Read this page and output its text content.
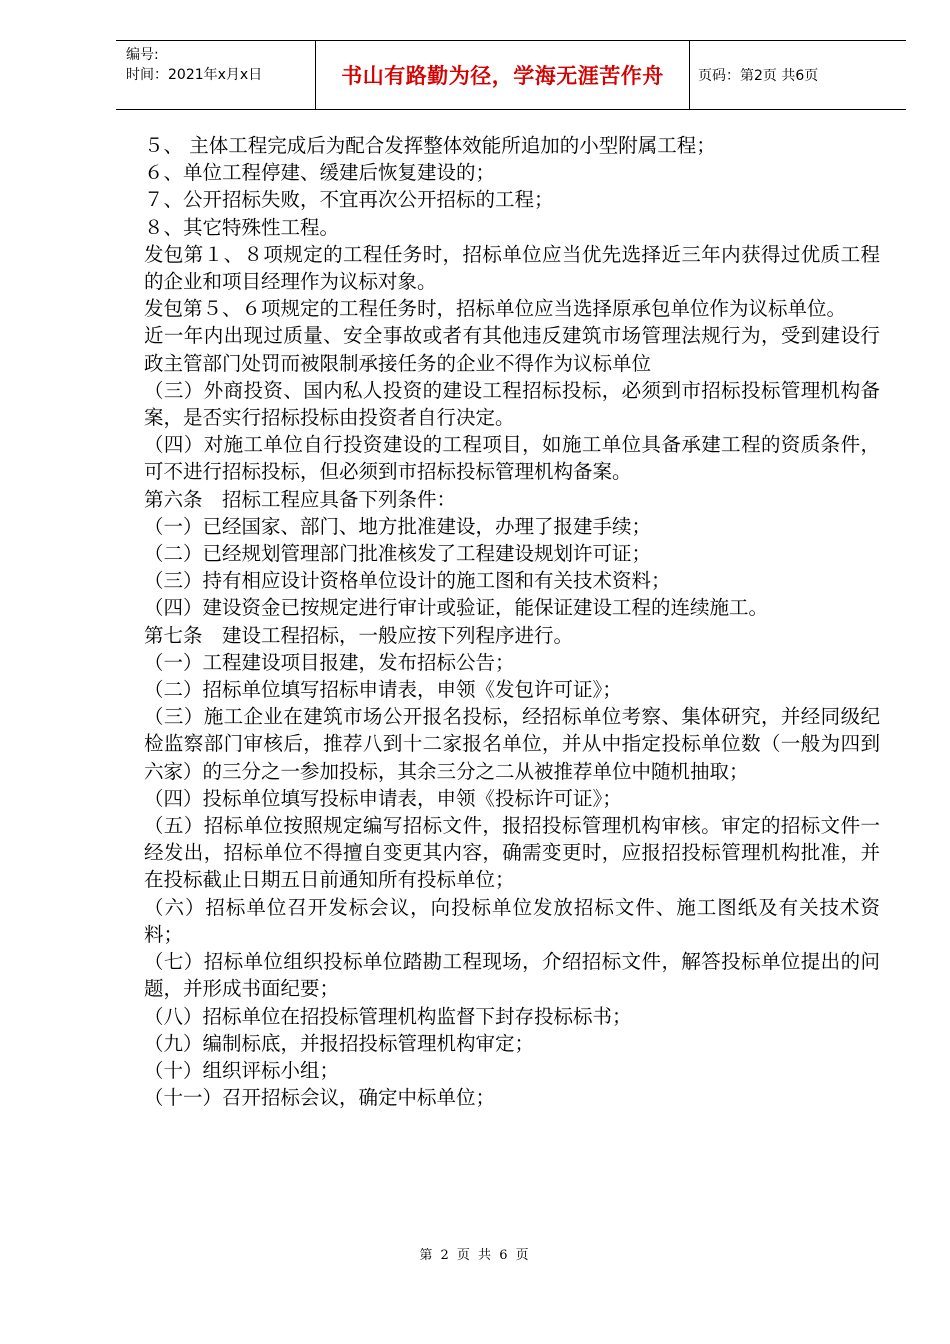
编号:
时间：2021年x月x日	书山有路勤为径，学海无涯苦作舟	页码：第2页 共6页

５、 主体工程完成后为配合发挥整体效能所追加的小型附属工程；

６、单位工程停建、缓建后恢复建设的；

７、公开招标失败，不宜再次公开招标的工程；

８、其它特殊性工程。

发包第１、８项规定的工程任务时，招标单位应当优先选择近三年内获得过优质工程的企业和项目经理作为议标对象。

发包第５、６项规定的工程任务时，招标单位应当选择原承包单位作为议标单位。

近一年内出现过质量、安全事故或者有其他违反建筑市场管理法规行为，受到建设行政主管部门处罚而被限制承接任务的企业不得作为议标单位

（三）外商投资、国内私人投资的建设工程招标投标，必须到市招标投标管理机构备案，是否实行招标投标由投资者自行决定。

（四）对施工单位自行投资建设的工程项目，如施工单位具备承建工程的资质条件，可不进行招标投标，但必须到市招标投标管理机构备案。

第六条　招标工程应具备下列条件：

（一）已经国家、部门、地方批准建设，办理了报建手续；

（二）已经规划管理部门批准核发了工程建设规划许可证；

（三）持有相应设计资格单位设计的施工图和有关技术资料；

（四）建设资金已按规定进行审计或验证，能保证建设工程的连续施工。

第七条　建设工程招标，一般应按下列程序进行。

（一）工程建设项目报建，发布招标公告；

（二）招标单位填写招标申请表，申领《发包许可证》；

（三）施工企业在建筑市场公开报名投标，经招标单位考察、集体研究，并经同级纪检监察部门审核后，推荐八到十二家报名单位，并从中指定投标单位数（一般为四到六家）的三分之一参加投标，其余三分之二从被推荐单位中随机抽取；

（四）投标单位填写投标申请表，申领《投标许可证》；

（五）招标单位按照规定编写招标文件，报招投标管理机构审核。审定的招标文件一经发出，招标单位不得擅自变更其内容，确需变更时，应报招投标管理机构批准，并在投标截止日期五日前通知所有投标单位；

（六）招标单位召开发标会议，向投标单位发放招标文件、施工图纸及有关技术资料；

（七）招标单位组织投标单位踏勘工程现场，介绍招标文件，解答投标单位提出的问题，并形成书面纪要；

（八）招标单位在招投标管理机构监督下封存投标标书；

（九）编制标底，并报招投标管理机构审定；

（十）组织评标小组；

（十一）召开招标会议，确定中标单位；

第 2 页 共 6 页
